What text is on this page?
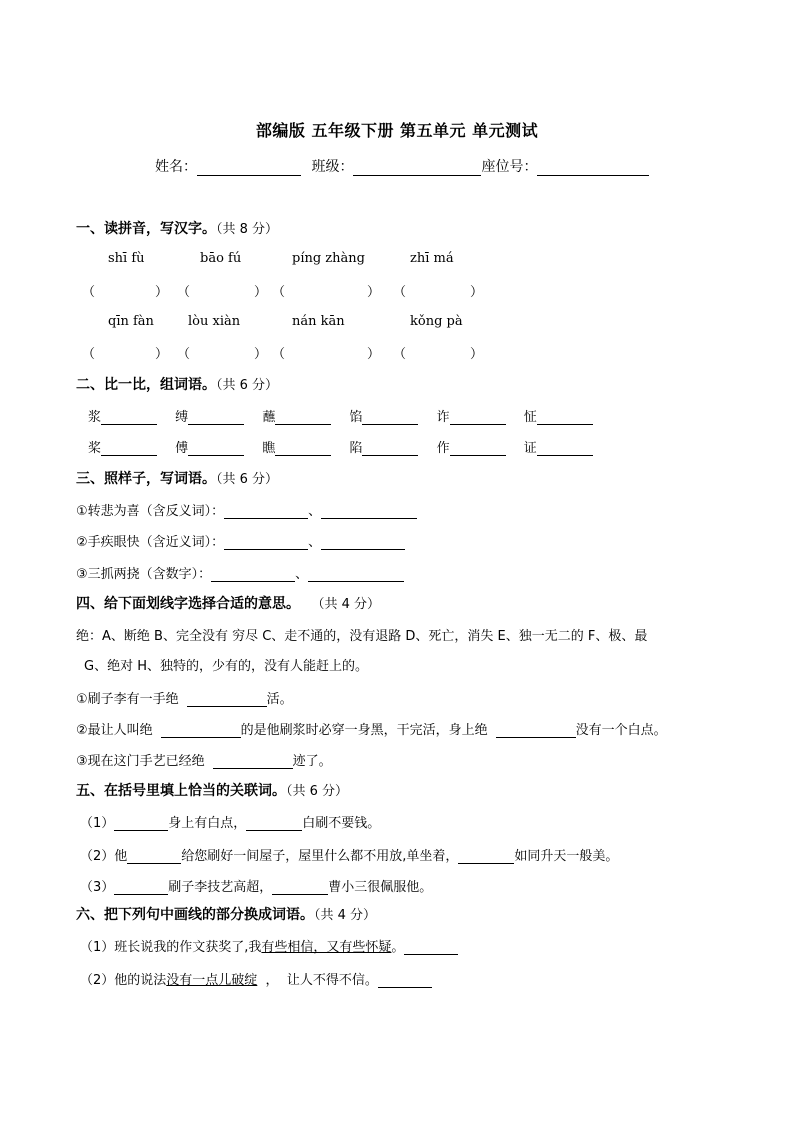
部编版 五年级下册 第五单元 单元测试
姓名：	班级：	座位号：
一、读拼音，写汉字。（共 8 分）
shī fù	bāo fú	píng zhàng	zhī má
（	） （	） （	） （	）
qīn fàn	lòu xiàn	nán kān	kǒng pà
（	） （	） （	） （	）
二、比一比，组词语。（共 6 分）
浆	缚	蘸	馅	诈	怔
桨	傅	瞧	陷	作	证
三、照样子，写词语。（共 6 分）
①转悲为喜（含反义词）：	、
②手疾眼快（含近义词）：	、
③三抓两挠（含数字）：	、
四、给下面划线字选择合适的意思。 （共 4 分）
绝：A、断绝 B、完全没有 穷尽 C、走不通的，没有退路 D、死亡，消失 E、独一无二的 F、极、最
G、绝对 H、独特的，少有的，没有人能赶上的。
①刷子李有一手绝	活。
②最让人叫绝	的是他刷浆时必穿一身黑，干完活，身上绝	没有一个白点。
③现在这门手艺已经绝	迹了。
五、在括号里填上恰当的关联词。（共 6 分）
（1）	身上有白点，	白刷不要钱。
（2）他	给您刷好一间屋子，屋里什么都不用放,单坐着，	如同升天一般美。
（3）	刷子李技艺高超，	曹小三很佩服他。
六、把下列句中画线的部分换成词语。（共 4 分）
（1）班长说我的作文获奖了,我有些相信，又有些怀疑。
（2）他的说法没有一点儿破绽  ，  让人不得不信。
